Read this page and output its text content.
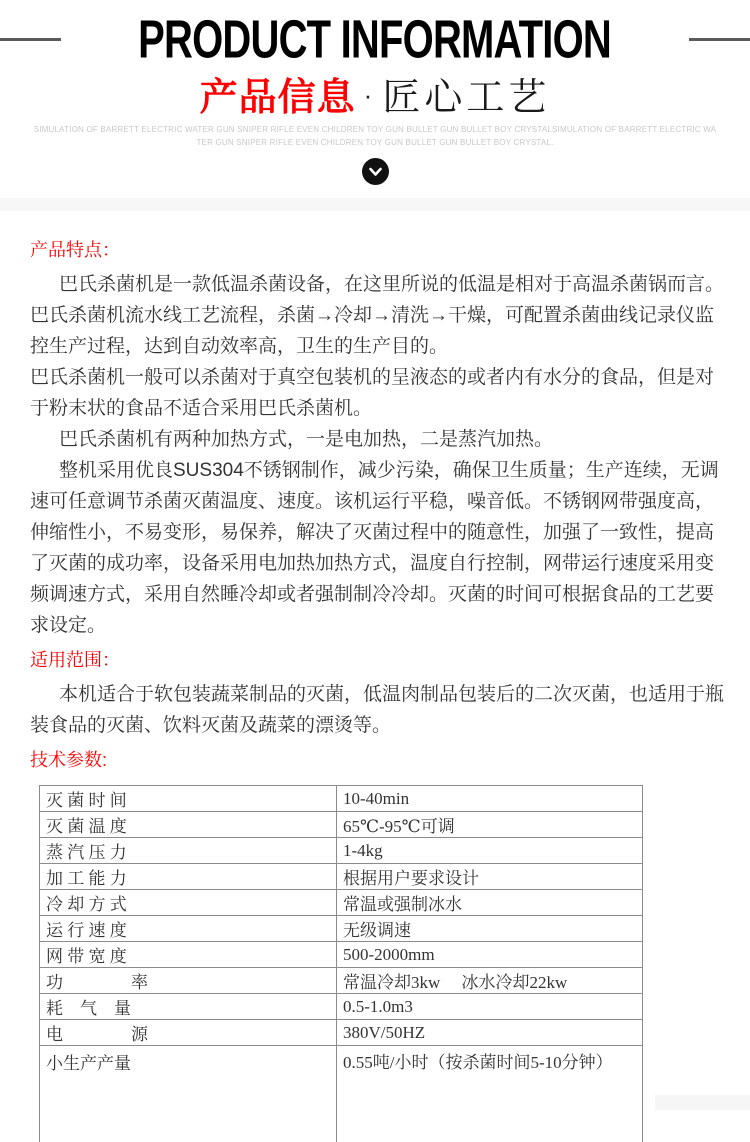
PRODUCT INFORMATION
产品信息 · 匠心工艺
SIMULATION OF BARRETT ELECTRIC WATER GUN SNIPER RIFLE EVEN CHILDREN TOY GUN BULLET GUN BULLET BOY CRYSTALSIMULATION OF BARRETT ELECTRIC WA
TER GUN SNIPER RIFLE EVEN CHILDREN TOY GUN BULLET GUN BULLET BOY CRYSTAL.
产品特点：

巴氏杀菌机是一款低温杀菌设备，在这里所说的低温是相对于高温杀菌锅而言。

巴氏杀菌机流水线工艺流程，杀菌→冷却→清洗→干燥，可配置杀菌曲线记录仪监控生产过程，达到自动效率高，卫生的生产目的。

巴氏杀菌机一般可以杀菌对于真空包装机的呈液态的或者内有水分的食品，但是对于粉末状的食品不适合采用巴氏杀菌机。

巴氏杀菌机有两种加热方式，一是电加热，二是蒸汽加热。

整机采用优良SUS304不锈钢制作，减少污染，确保卫生质量；生产连续，无调速可任意调节杀菌灭菌温度、速度。该机运行平稳，噪音低。不锈钢网带强度高，伸缩性小，不易变形，易保养，解决了灭菌过程中的随意性，加强了一致性，提高了灭菌的成功率，设备采用电加热加热方式，温度自行控制，网带运行速度采用变频调速方式，采用自然睡冷却或者强制制冷冷却。灭菌的时间可根据食品的工艺要求设定。

适用范围：

本机适合于软包装蔬菜制品的灭菌，低温肉制品包装后的二次灭菌，也适用于瓶装食品的灭菌、饮料灭菌及蔬菜的漂烫等。

技术参数:
灭 菌 时 间	10-40min
灭 菌 温 度	65℃-95℃可调
蒸 汽 压 力	1-4kg
加 工 能 力	根据用户要求设计
冷 却 方 式	常温或强制冰水
运 行 速 度	无级调速
网 带 宽 度	500-2000mm
功　　　　率	常温冷却3kw　 冰水冷却22kw
耗　气　量	0.5-1.0m3
电　　　　源	380V/50HZ
小生产产量	0.55吨/小时（按杀菌时间5-10分钟）
